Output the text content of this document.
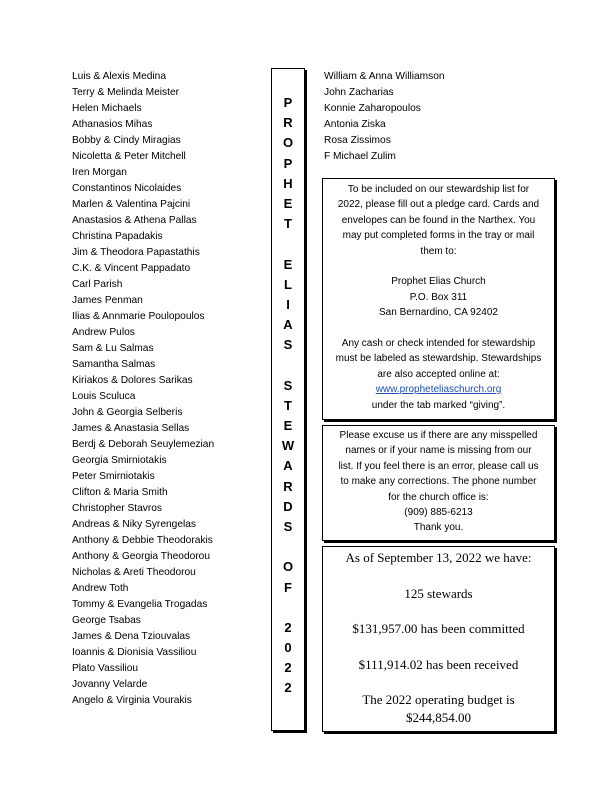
Luis & Alexis Medina
Terry & Melinda Meister
Helen Michaels
Athanasios Mihas
Bobby & Cindy Miragias
Nicoletta & Peter Mitchell
Iren Morgan
Constantinos Nicolaides
Marlen & Valentina Pajcini
Anastasios & Athena Pallas
Christina Papadakis
Jim & Theodora Papastathis
C.K. & Vincent Pappadato
Carl Parish
James Penman
Ilias & Annmarie Poulopoulos
Andrew Pulos
Sam & Lu Salmas
Samantha Salmas
Kiriakos & Dolores Sarikas
Louis Sculuca
John & Georgia Selberis
James & Anastasia Sellas
Berdj & Deborah Seuylemezian
Georgia Smirniotakis
Peter Smirniotakis
Clifton & Maria Smith
Christopher Stavros
Andreas & Niky Syrengelas
Anthony & Debbie Theodorakis
Anthony & Georgia Theodorou
Nicholas & Areti Theodorou
Andrew Toth
Tommy & Evangelia Trogadas
George Tsabas
James & Dena Tziouvalas
Ioannis & Dionisia Vassiliou
Plato Vassiliou
Jovanny Velarde
Angelo & Virginia Vourakis
P
R
O
P
H
E
T
E
L
I
A
S
S
T
E
W
A
R
D
S
O
F
2
0
2
2
William & Anna Williamson
John Zacharias
Konnie Zaharopoulos
Antonia Ziska
Rosa Zissimos
F Michael Zulim
To be included on our stewardship list for
2022, please fill out a pledge card. Cards and
envelopes can be found in the Narthex. You
may put completed forms in the tray or mail
them to:
Prophet Elias Church
P.O. Box 311
San Bernardino, CA 92402
Any cash or check intended for stewardship
must be labeled as stewardship. Stewardships
are also accepted online at:
www.propheteliaschurch.org
under the tab marked “giving”.
Please excuse us if there are any misspelled
names or if your name is missing from our
list. If you feel there is an error, please call us
to make any corrections. The phone number
for the church office is:
(909) 885-6213
Thank you.

As of September 13, 2022 we have:

125 stewards

$131,957.00 has been committed

$111,914.02 has been received

The 2022 operating budget is
$244,854.00
